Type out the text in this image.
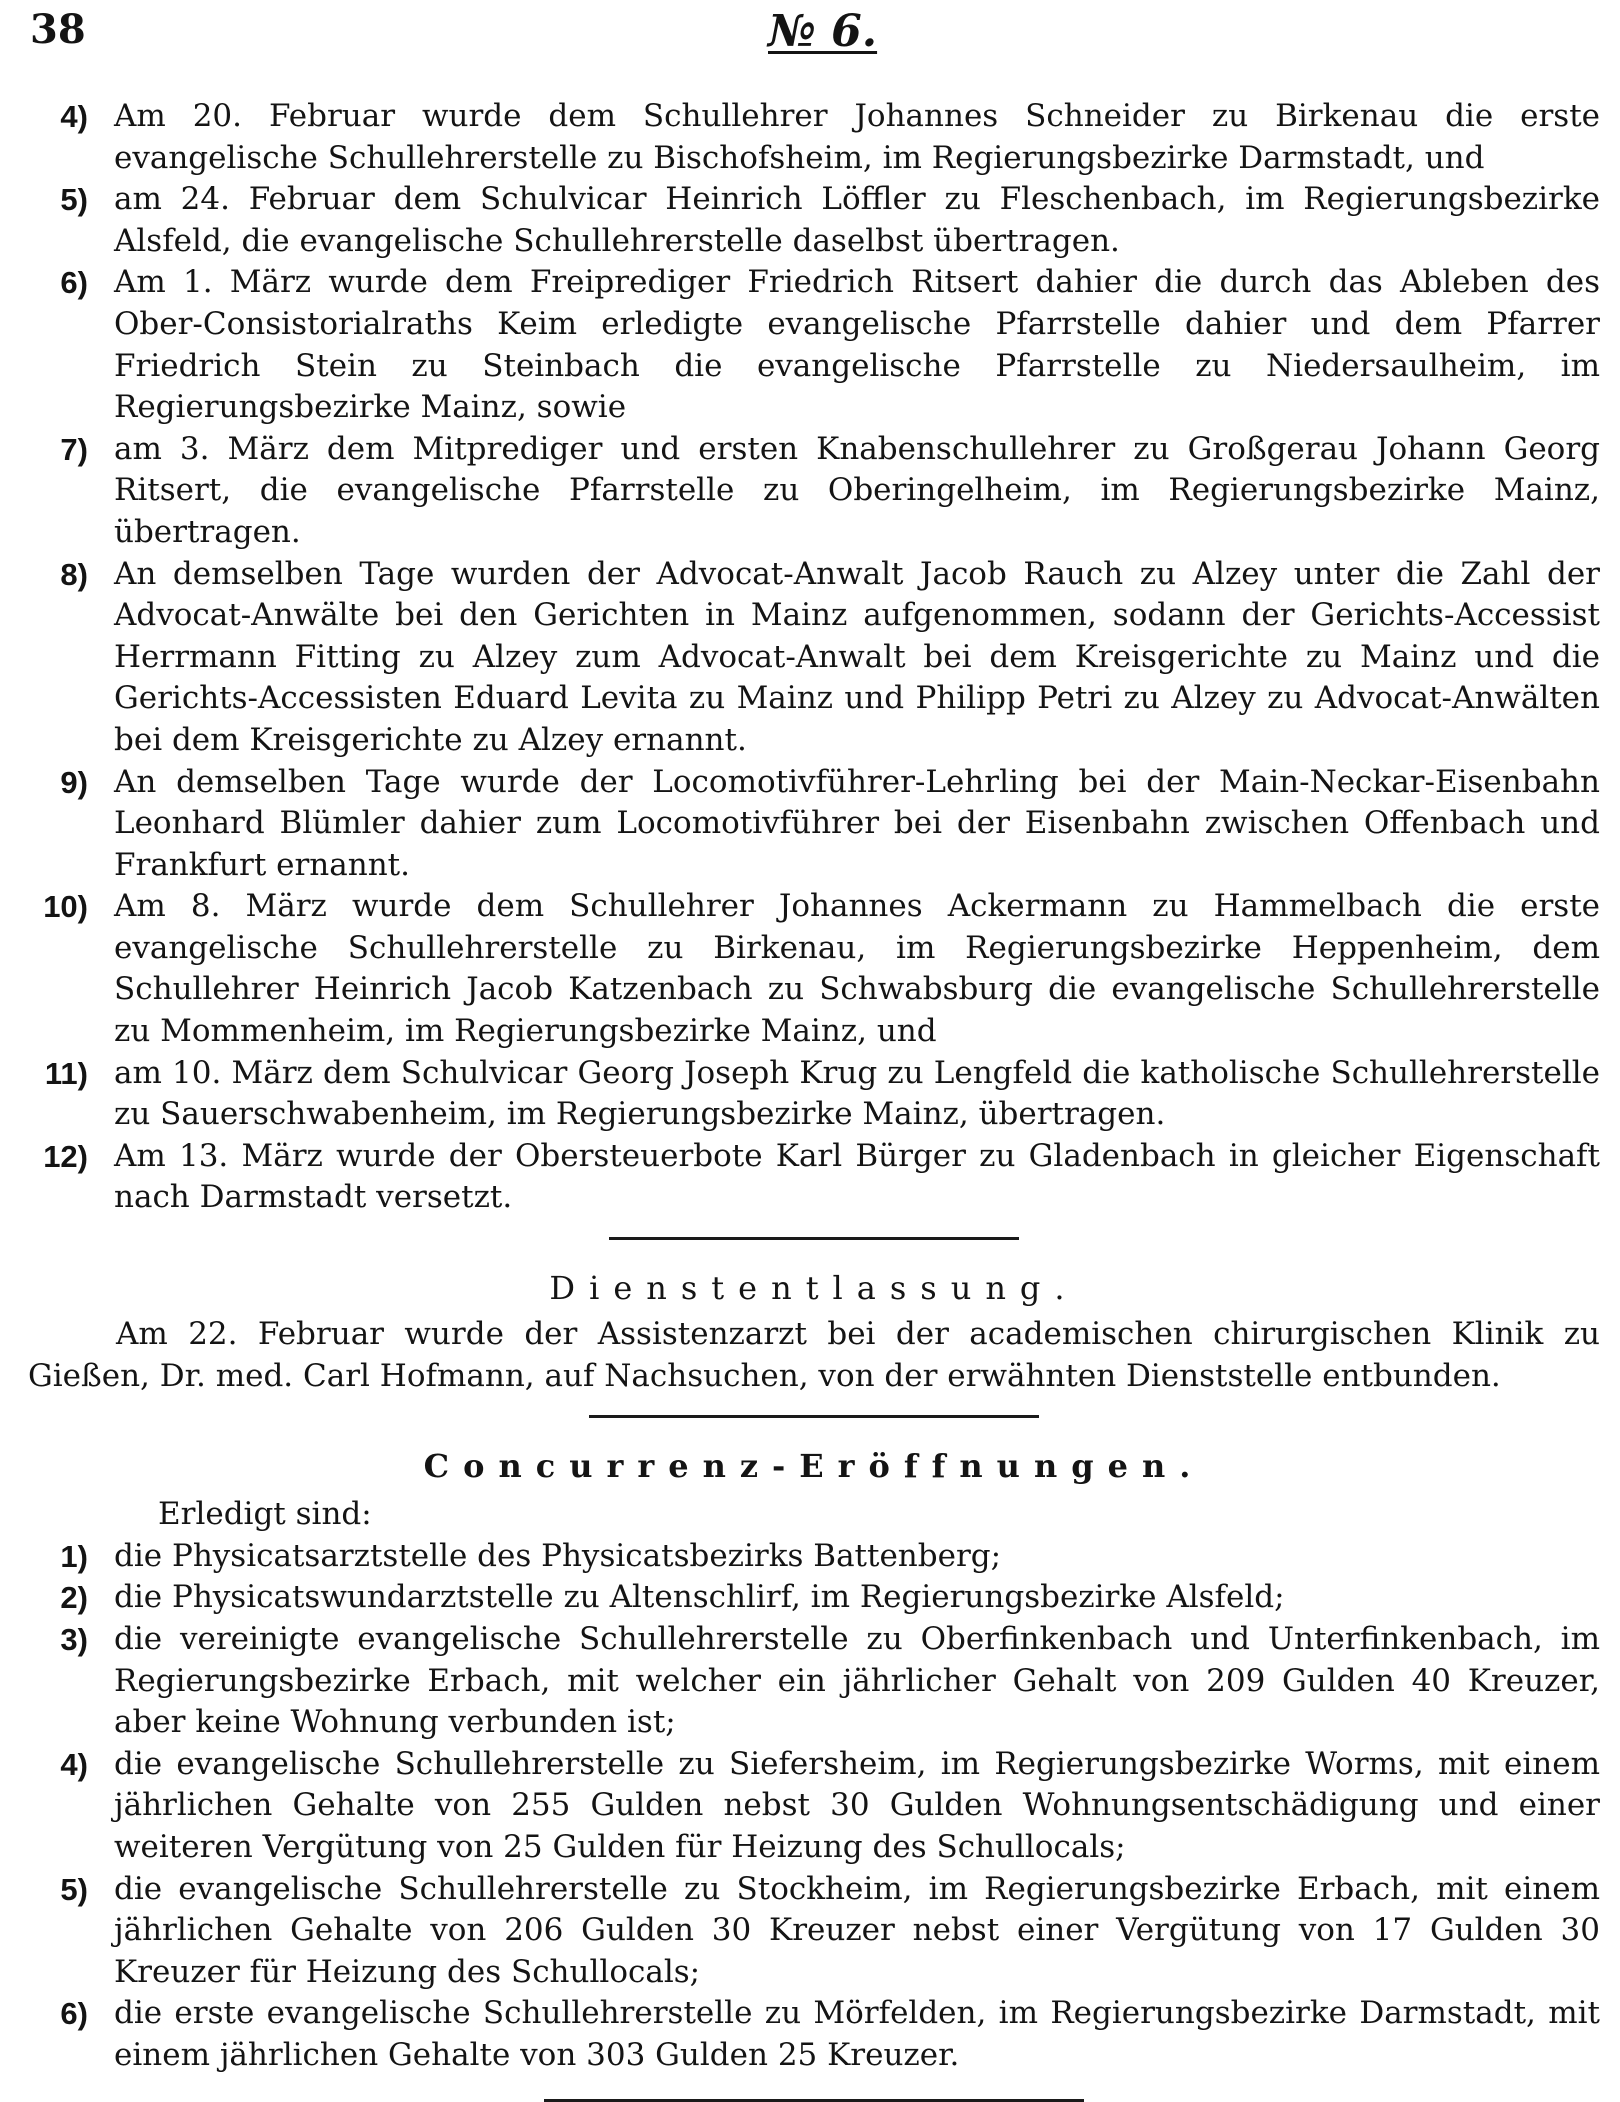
38	№ 6.
4) Am 20. Februar wurde dem Schullehrer Johannes Schneider zu Birkenau die erste evangelische Schullehrerstelle zu Bischofsheim, im Regierungsbezirke Darmstadt, und
5) am 24. Februar dem Schulvicar Heinrich Löffler zu Fleschenbach, im Regierungsbezirke Alsfeld, die evangelische Schullehrerstelle daselbst übertragen.
6) Am 1. März wurde dem Freiprediger Friedrich Ritsert dahier die durch das Ableben des Ober-Consistorialraths Keim erledigte evangelische Pfarrstelle dahier und dem Pfarrer Friedrich Stein zu Steinbach die evangelische Pfarrstelle zu Niedersaulheim, im Regierungsbezirke Mainz, sowie
7) am 3. März dem Mitprediger und ersten Knabenschullehrer zu Großgerau Johann Georg Ritsert, die evangelische Pfarrstelle zu Oberingelheim, im Regierungsbezirke Mainz, übertragen.
8) An demselben Tage wurden der Advocat-Anwalt Jacob Rauch zu Alzey unter die Zahl der Advocat-Anwälte bei den Gerichten in Mainz aufgenommen, sodann der Gerichts-Accessist Herrmann Fitting zu Alzey zum Advocat-Anwalt bei dem Kreisgerichte zu Mainz und die Gerichts-Accessisten Eduard Levita zu Mainz und Philipp Petri zu Alzey zu Advocat-Anwälten bei dem Kreisgerichte zu Alzey ernannt.
9) An demselben Tage wurde der Locomotivführer-Lehrling bei der Main-Neckar-Eisenbahn Leonhard Blümler dahier zum Locomotivführer bei der Eisenbahn zwischen Offenbach und Frankfurt ernannt.
10) Am 8. März wurde dem Schullehrer Johannes Ackermann zu Hammelbach die erste evangelische Schullehrerstelle zu Birkenau, im Regierungsbezirke Heppenheim, dem Schullehrer Heinrich Jacob Katzenbach zu Schwabsburg die evangelische Schullehrerstelle zu Mommenheim, im Regierungsbezirke Mainz, und
11) am 10. März dem Schulvicar Georg Joseph Krug zu Lengfeld die katholische Schullehrerstelle zu Sauerschwabenheim, im Regierungsbezirke Mainz, übertragen.
12) Am 13. März wurde der Obersteuerbote Karl Bürger zu Gladenbach in gleicher Eigenschaft nach Darmstadt versetzt.
Dienstentlassung.
Am 22. Februar wurde der Assistenzarzt bei der academischen chirurgischen Klinik zu Gießen, Dr. med. Carl Hofmann, auf Nachsuchen, von der erwähnten Dienststelle entbunden.
Concurrenz-Eröffnungen.
Erledigt sind:
1) die Physicatsarztstelle des Physicatsbezirks Battenberg;
2) die Physicatswundarztstelle zu Altenschlirf, im Regierungsbezirke Alsfeld;
3) die vereinigte evangelische Schullehrerstelle zu Oberfinkenbach und Unterfinkenbach, im Regierungsbezirke Erbach, mit welcher ein jährlicher Gehalt von 209 Gulden 40 Kreuzer, aber keine Wohnung verbunden ist;
4) die evangelische Schullehrerstelle zu Siefersheim, im Regierungsbezirke Worms, mit einem jährlichen Gehalte von 255 Gulden nebst 30 Gulden Wohnungsentschädigung und einer weiteren Vergütung von 25 Gulden für Heizung des Schullocals;
5) die evangelische Schullehrerstelle zu Stockheim, im Regierungsbezirke Erbach, mit einem jährlichen Gehalte von 206 Gulden 30 Kreuzer nebst einer Vergütung von 17 Gulden 30 Kreuzer für Heizung des Schullocals;
6) die erste evangelische Schullehrerstelle zu Mörfelden, im Regierungsbezirke Darmstadt, mit einem jährlichen Gehalte von 303 Gulden 25 Kreuzer.
